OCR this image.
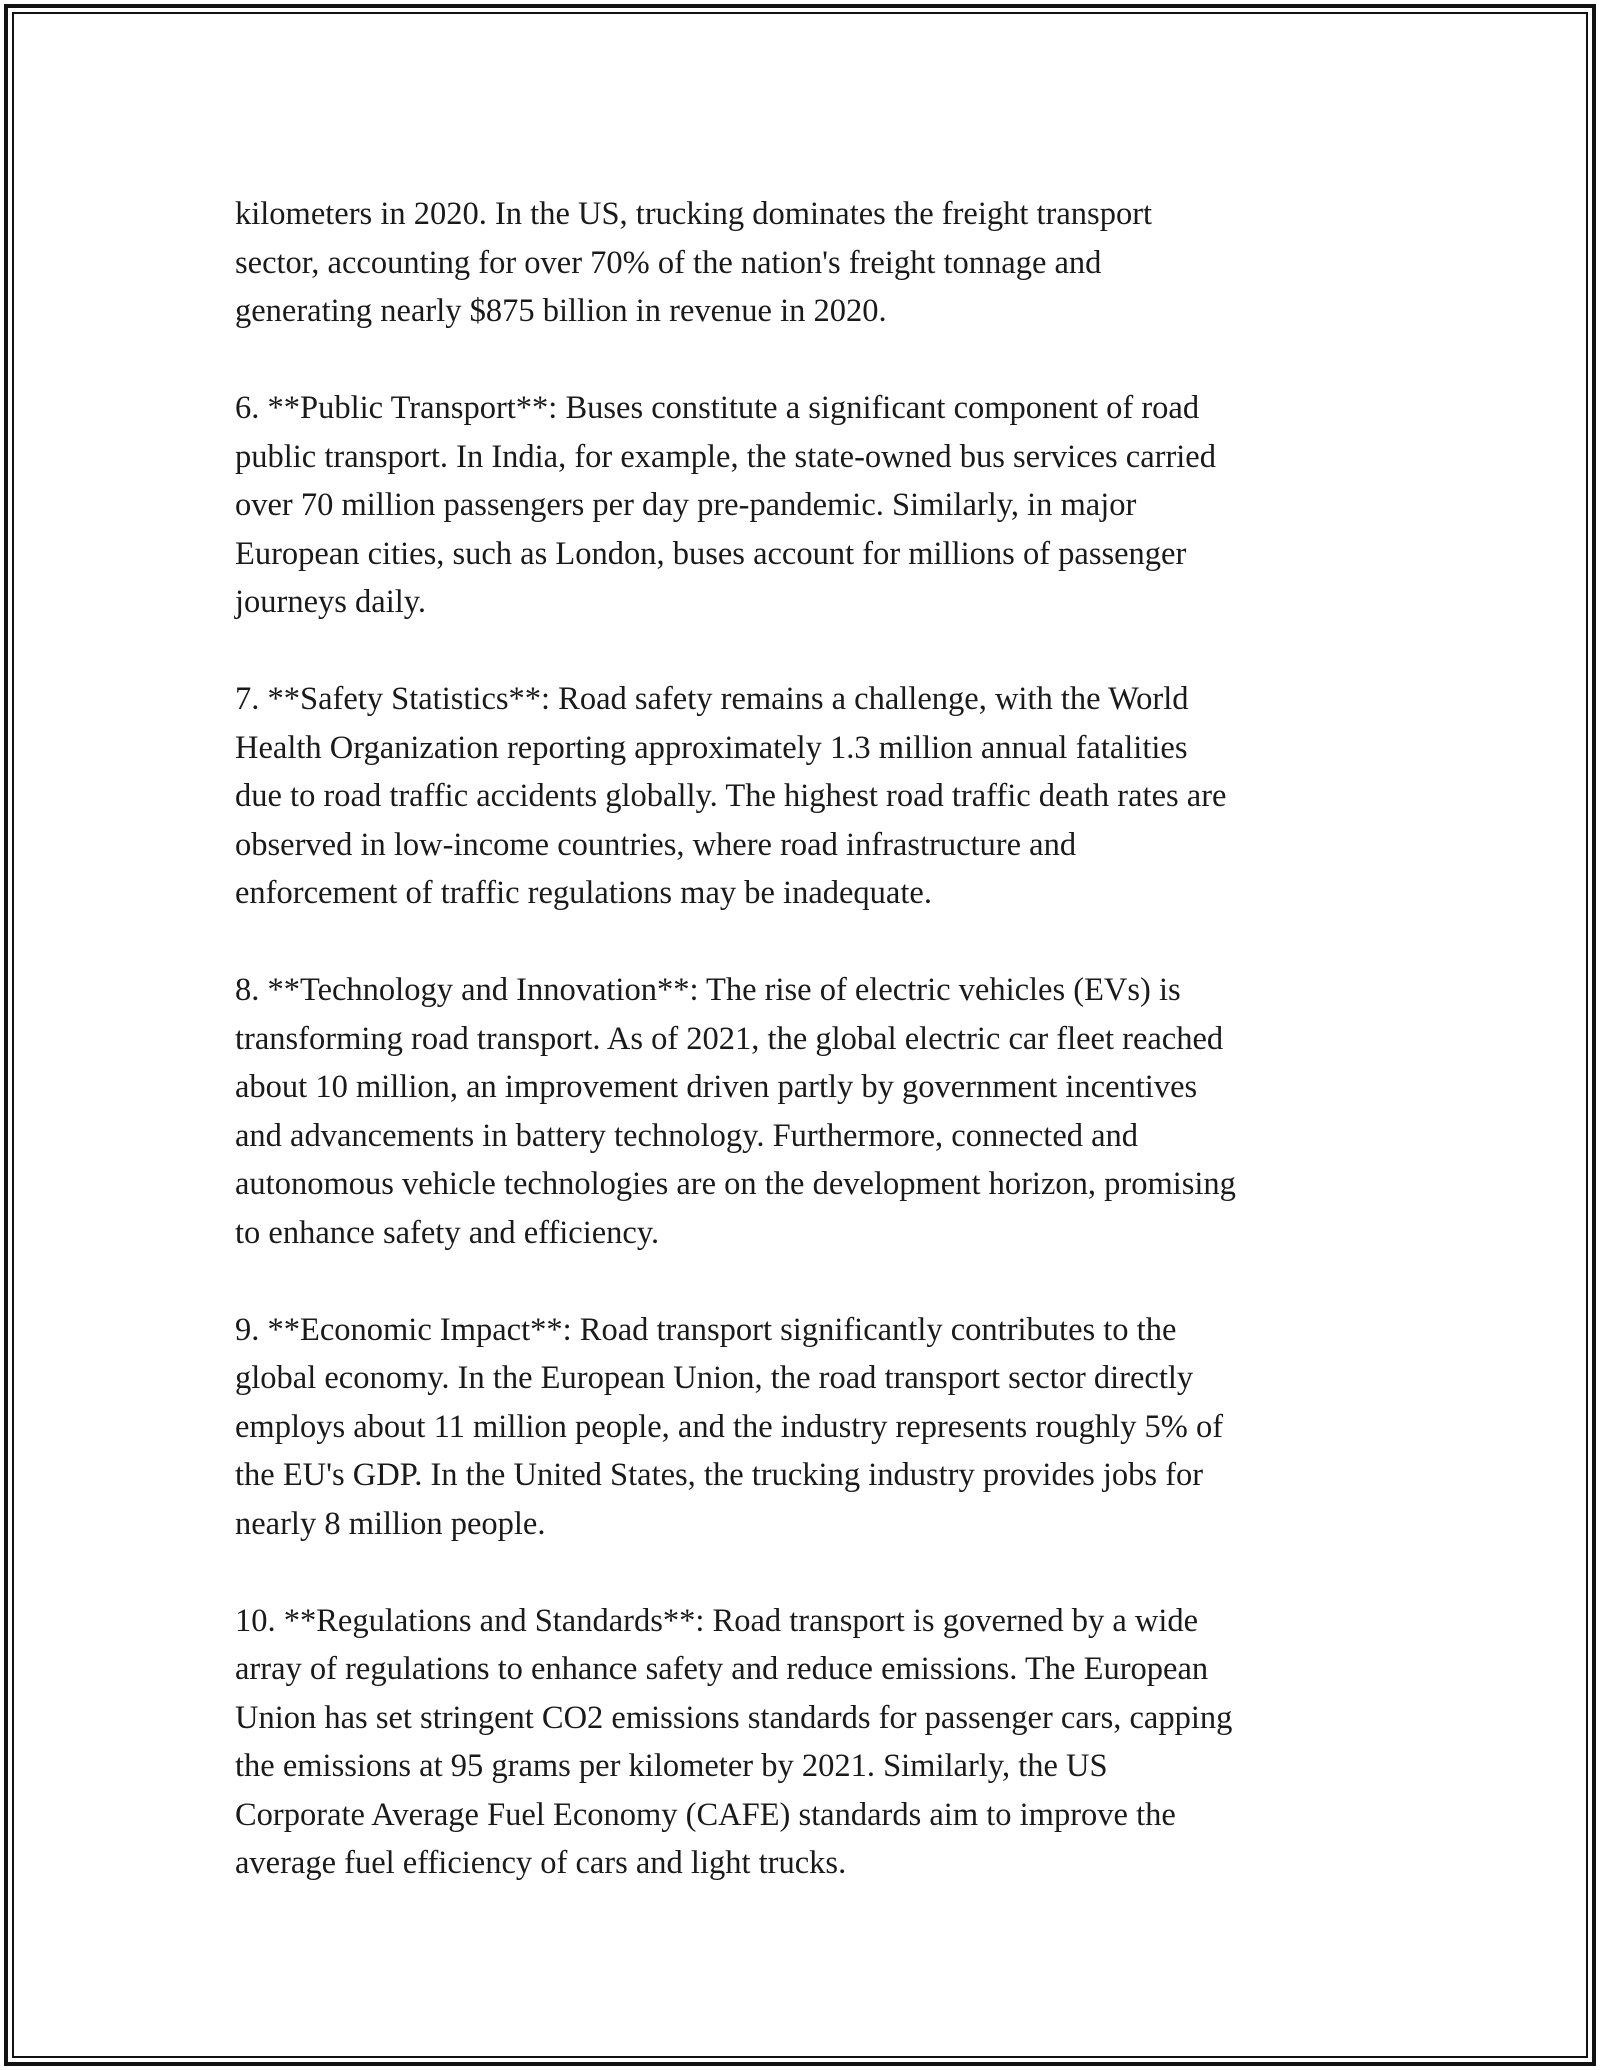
kilometers in 2020. In the US, trucking dominates the freight transport
sector, accounting for over 70% of the nation's freight tonnage and
generating nearly $875 billion in revenue in 2020.

6. **Public Transport**: Buses constitute a significant component of road
public transport. In India, for example, the state-owned bus services carried
over 70 million passengers per day pre-pandemic. Similarly, in major
European cities, such as London, buses account for millions of passenger
journeys daily.

7. **Safety Statistics**: Road safety remains a challenge, with the World
Health Organization reporting approximately 1.3 million annual fatalities
due to road traffic accidents globally. The highest road traffic death rates are
observed in low-income countries, where road infrastructure and
enforcement of traffic regulations may be inadequate.

8. **Technology and Innovation**: The rise of electric vehicles (EVs) is
transforming road transport. As of 2021, the global electric car fleet reached
about 10 million, an improvement driven partly by government incentives
and advancements in battery technology. Furthermore, connected and
autonomous vehicle technologies are on the development horizon, promising
to enhance safety and efficiency.

9. **Economic Impact**: Road transport significantly contributes to the
global economy. In the European Union, the road transport sector directly
employs about 11 million people, and the industry represents roughly 5% of
the EU's GDP. In the United States, the trucking industry provides jobs for
nearly 8 million people.

10. **Regulations and Standards**: Road transport is governed by a wide
array of regulations to enhance safety and reduce emissions. The European
Union has set stringent CO2 emissions standards for passenger cars, capping
the emissions at 95 grams per kilometer by 2021. Similarly, the US
Corporate Average Fuel Economy (CAFE) standards aim to improve the
average fuel efficiency of cars and light trucks.
